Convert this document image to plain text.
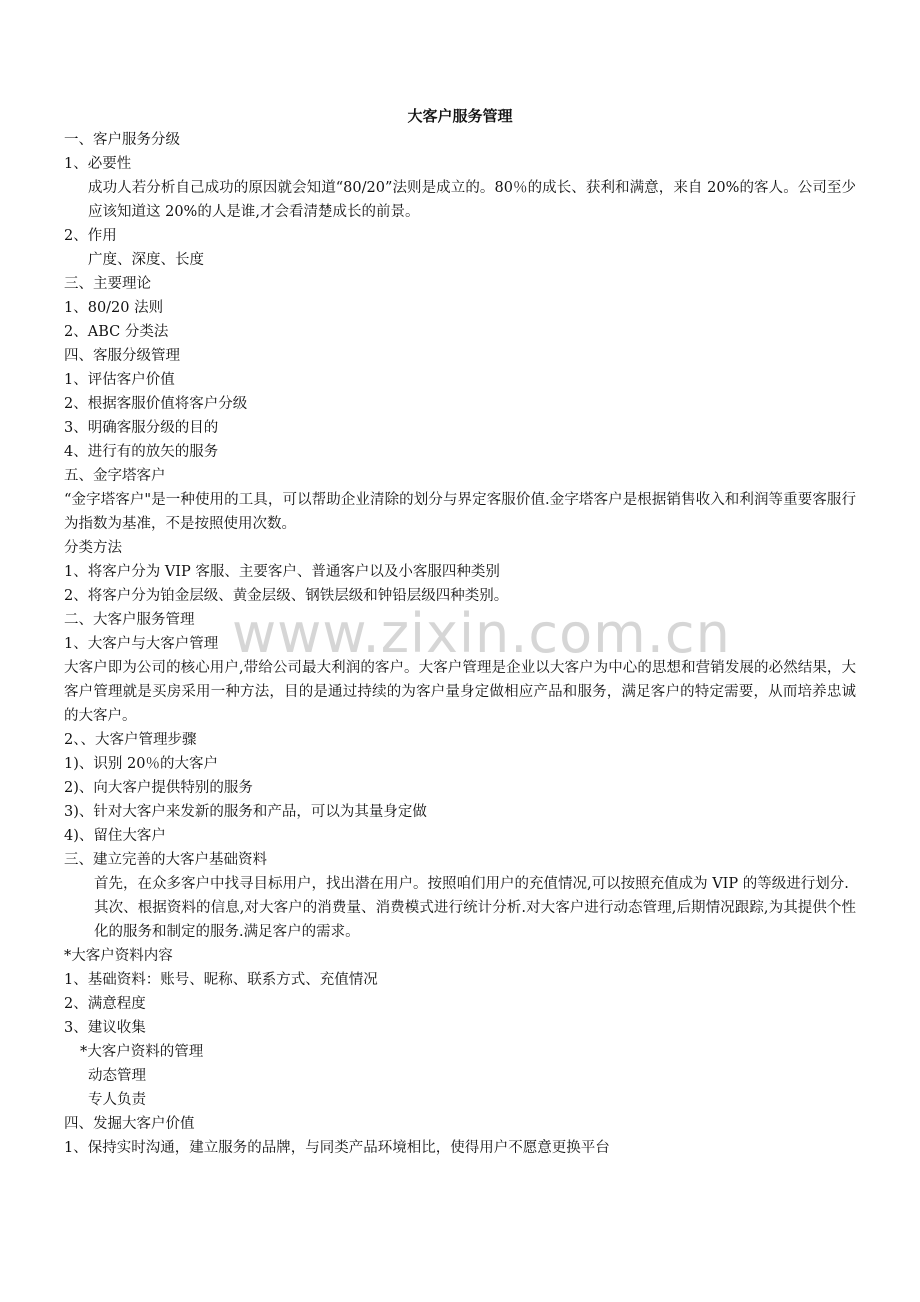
www.zixin.com.cn
大客户服务管理
一、客户服务分级
1、必要性
成功人若分析自己成功的原因就会知道“80/20”法则是成立的。80％的成长、获利和满意，来自 20%的客人。公司至少应该知道这 20%的人是谁,才会看清楚成长的前景。
2、作用
广度、深度、长度
三、主要理论
1、80/20 法则
2、ABC 分类法
四、客服分级管理
1、评估客户价值
2、根据客服价值将客户分级
3、明确客服分级的目的
4、进行有的放矢的服务
五、金字塔客户
“金字塔客户"是一种使用的工具，可以帮助企业清除的划分与界定客服价值.金字塔客户是根据销售收入和利润等重要客服行为指数为基准，不是按照使用次数。
分类方法
1、将客户分为 VIP 客服、主要客户、普通客户以及小客服四种类别
2、将客户分为铂金层级、黄金层级、钢铁层级和钟铅层级四种类别。
二、大客户服务管理
1、大客户与大客户管理
大客户即为公司的核心用户,带给公司最大利润的客户。大客户管理是企业以大客户为中心的思想和营销发展的必然结果，大客户管理就是买房采用一种方法，目的是通过持续的为客户量身定做相应产品和服务，满足客户的特定需要，从而培养忠诚的大客户。
2、、大客户管理步骤
1)、识别 20％的大客户
2)、向大客户提供特别的服务
3)、针对大客户来发新的服务和产品，可以为其量身定做
4)、留住大客户
三、建立完善的大客户基础资料
首先，在众多客户中找寻目标用户，找出潜在用户。按照咱们用户的充值情况,可以按照充值成为 VIP 的等级进行划分.
其次、根据资料的信息,对大客户的消费量、消费模式进行统计分析.对大客户进行动态管理,后期情况跟踪,为其提供个性化的服务和制定的服务.满足客户的需求。
*大客户资料内容
1、基础资料：账号、昵称、联系方式、充值情况
2、满意程度
3、建议收集
*大客户资料的管理
动态管理
专人负责
四、发掘大客户价值
1、保持实时沟通，建立服务的品牌，与同类产品环境相比，使得用户不愿意更换平台
